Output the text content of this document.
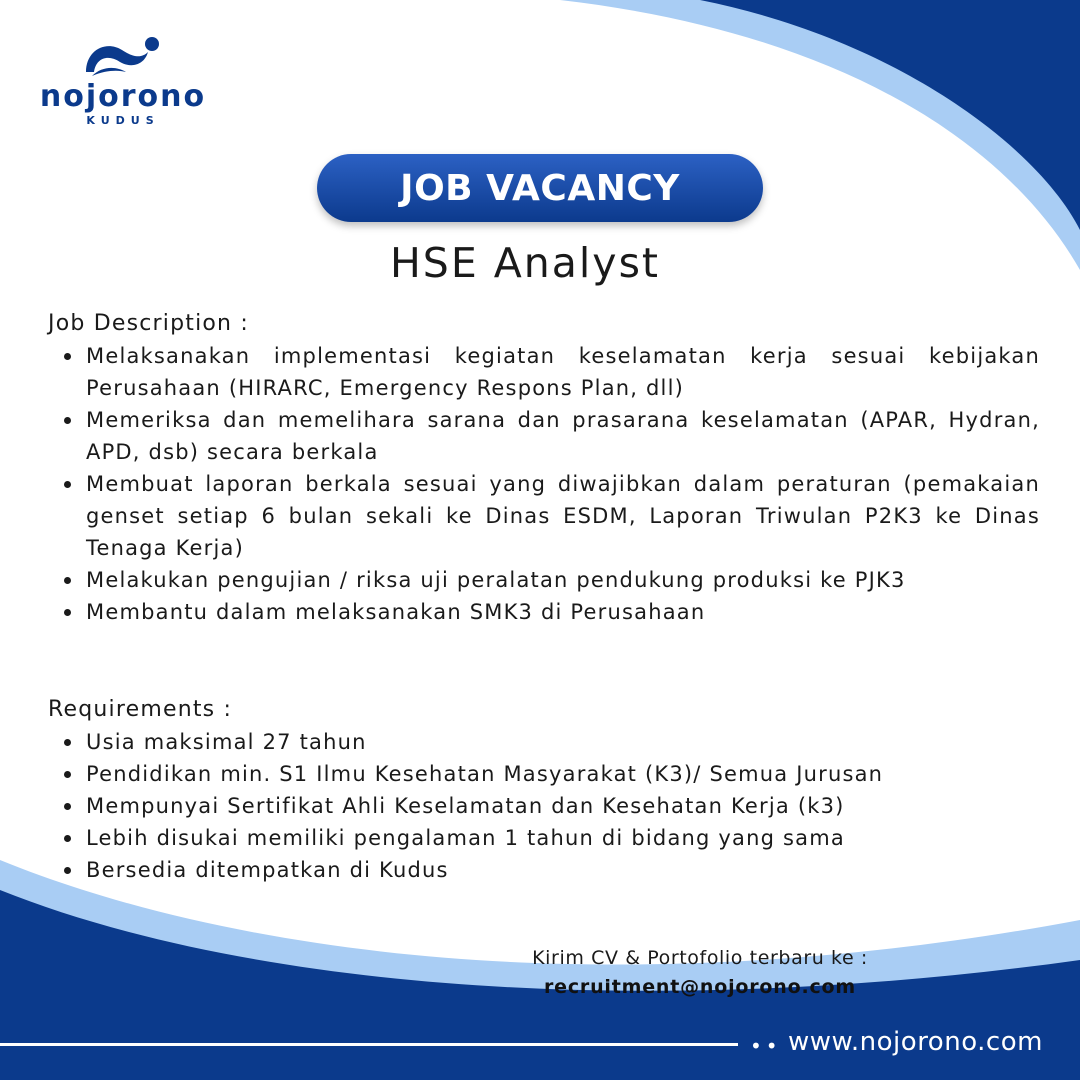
nojorono
KUDUS
JOB VACANCY
HSE Analyst
Job Description :
Melaksanakan implementasi kegiatan keselamatan kerja sesuai kebijakan Perusahaan (HIRARC, Emergency Respons Plan, dll)
Memeriksa dan memelihara sarana dan prasarana keselamatan (APAR, Hydran, APD, dsb) secara berkala
Membuat laporan berkala sesuai yang diwajibkan dalam peraturan (pemakaian genset setiap 6 bulan sekali ke Dinas ESDM, Laporan Triwulan P2K3 ke Dinas Tenaga Kerja)
Melakukan pengujian / riksa uji peralatan pendukung produksi ke PJK3
Membantu dalam melaksanakan SMK3 di Perusahaan
Requirements :
Usia maksimal 27 tahun
Pendidikan min. S1 Ilmu Kesehatan Masyarakat (K3)/ Semua Jurusan
Mempunyai Sertifikat Ahli Keselamatan dan Kesehatan Kerja (k3)
Lebih disukai memiliki pengalaman 1 tahun di bidang yang sama
Bersedia ditempatkan di Kudus
Kirim CV & Portofolio terbaru ke :
recruitment@nojorono.com
•• www.nojorono.com
